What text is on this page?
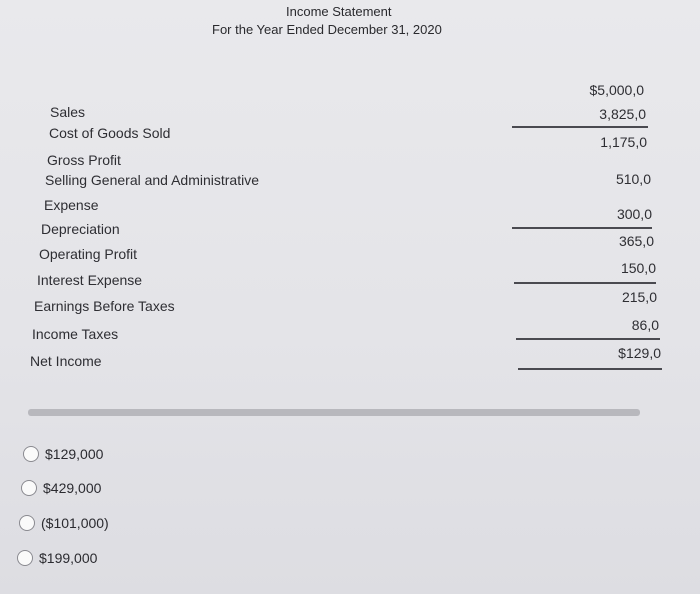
Income Statement
For the Year Ended December 31, 2020
Sales
Cost of Goods Sold
Gross Profit
Selling General and Administrative
Expense
Depreciation
Operating Profit
Interest Expense
Earnings Before Taxes
Income Taxes
Net Income
$5,000,0
3,825,0
1,175,0
510,0
300,0
365,0
150,0
215,0
86,0
$129,0
$129,000
$429,000
($101,000)
$199,000
